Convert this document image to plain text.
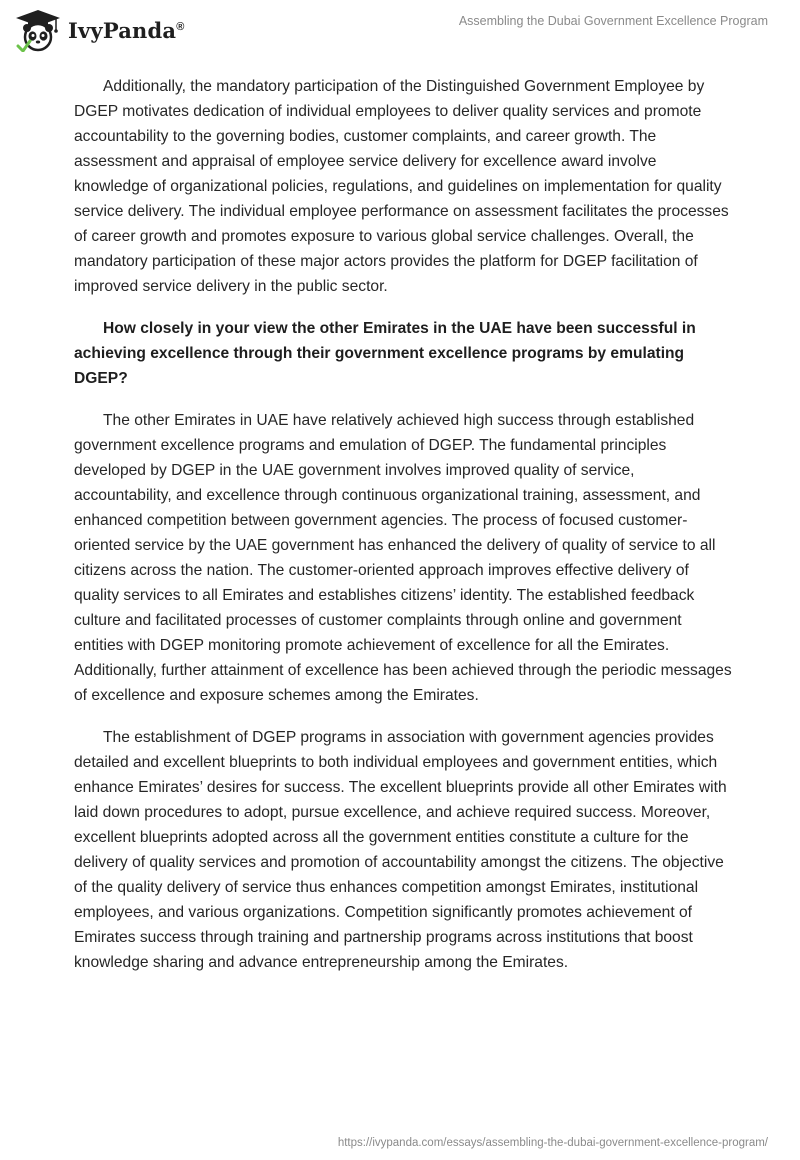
IvyPanda®	Assembling the Dubai Government Excellence Program

Additionally, the mandatory participation of the Distinguished Government Employee by DGEP motivates dedication of individual employees to deliver quality services and promote accountability to the governing bodies, customer complaints, and career growth. The assessment and appraisal of employee service delivery for excellence award involve knowledge of organizational policies, regulations, and guidelines on implementation for quality service delivery. The individual employee performance on assessment facilitates the processes of career growth and promotes exposure to various global service challenges. Overall, the mandatory participation of these major actors provides the platform for DGEP facilitation of improved service delivery in the public sector.

How closely in your view the other Emirates in the UAE have been successful in achieving excellence through their government excellence programs by emulating DGEP?

The other Emirates in UAE have relatively achieved high success through established government excellence programs and emulation of DGEP. The fundamental principles developed by DGEP in the UAE government involves improved quality of service, accountability, and excellence through continuous organizational training, assessment, and enhanced competition between government agencies. The process of focused customer-oriented service by the UAE government has enhanced the delivery of quality of service to all citizens across the nation. The customer-oriented approach improves effective delivery of quality services to all Emirates and establishes citizens’ identity. The established feedback culture and facilitated processes of customer complaints through online and government entities with DGEP monitoring promote achievement of excellence for all the Emirates. Additionally, further attainment of excellence has been achieved through the periodic messages of excellence and exposure schemes among the Emirates.

The establishment of DGEP programs in association with government agencies provides detailed and excellent blueprints to both individual employees and government entities, which enhance Emirates’ desires for success. The excellent blueprints provide all other Emirates with laid down procedures to adopt, pursue excellence, and achieve required success. Moreover, excellent blueprints adopted across all the government entities constitute a culture for the delivery of quality services and promotion of accountability amongst the citizens. The objective of the quality delivery of service thus enhances competition amongst Emirates, institutional employees, and various organizations. Competition significantly promotes achievement of Emirates success through training and partnership programs across institutions that boost knowledge sharing and advance entrepreneurship among the Emirates.

https://ivypanda.com/essays/assembling-the-dubai-government-excellence-program/
